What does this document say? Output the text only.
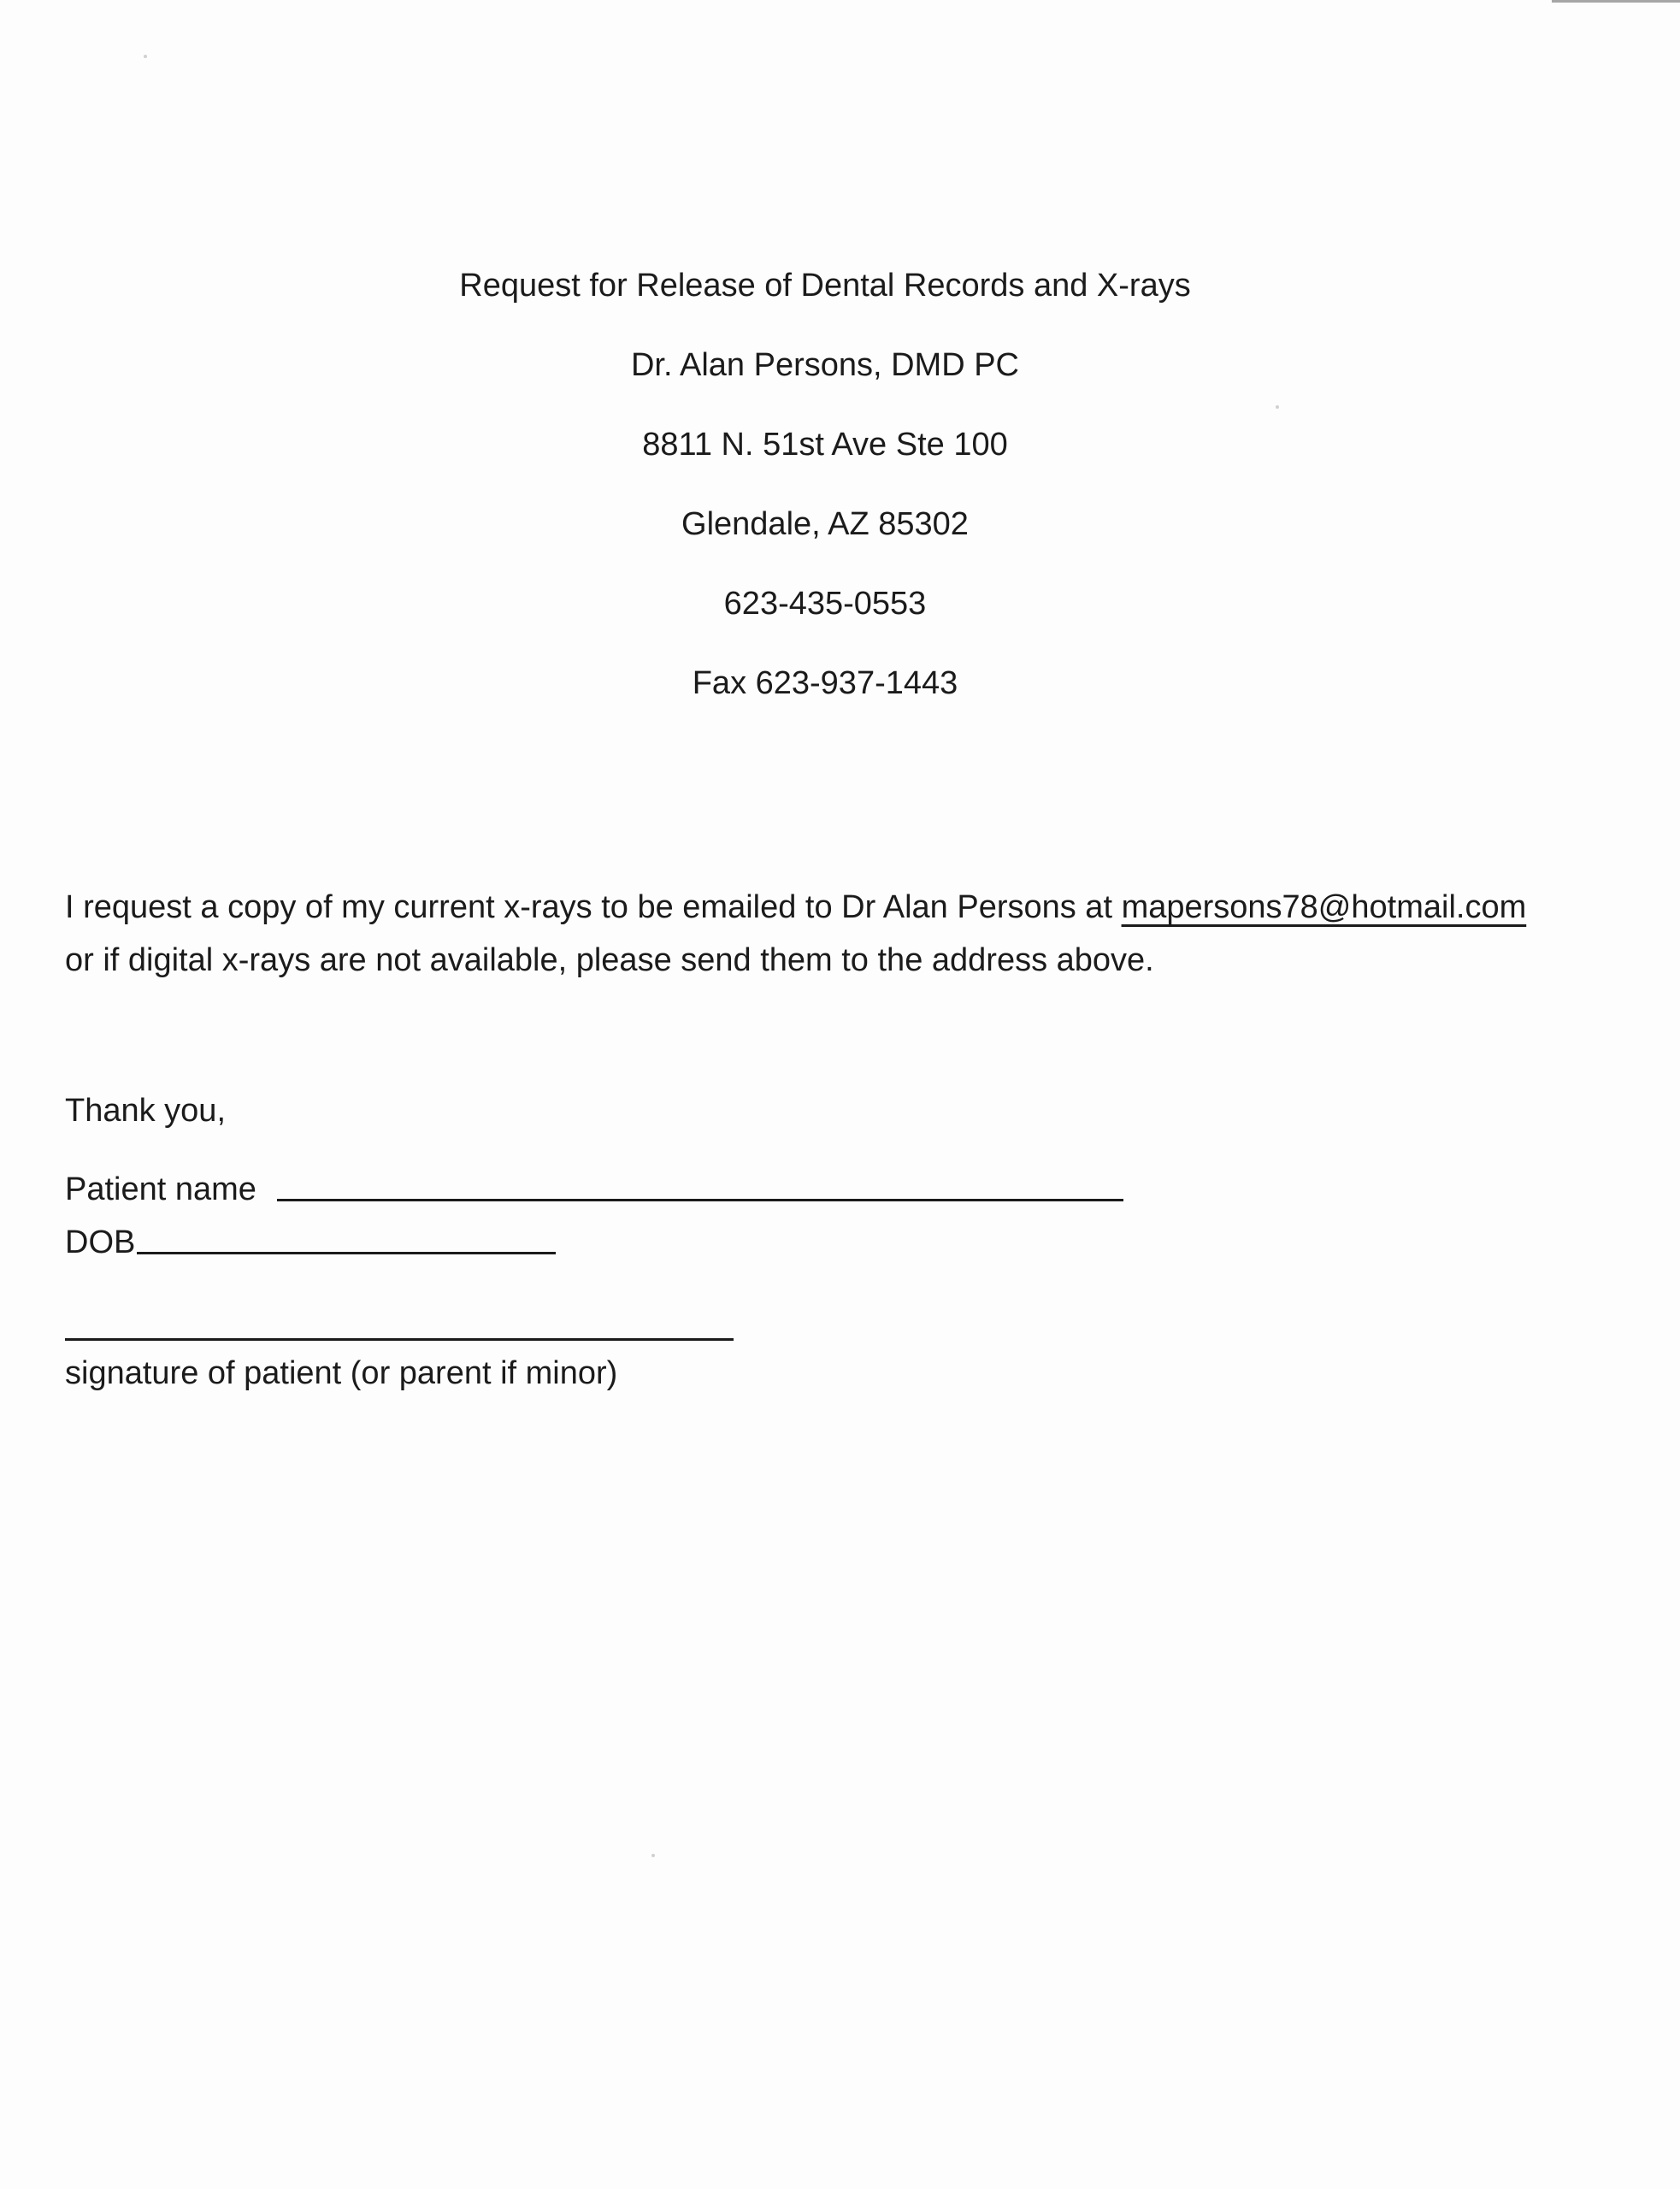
Request for Release of Dental Records and X-rays
Dr. Alan Persons, DMD PC
8811 N. 51st Ave Ste 100
Glendale, AZ 85302
623-435-0553
Fax 623-937-1443
I request a copy of my current x-rays to be emailed to Dr Alan Persons at mapersons78@hotmail.com
or if digital x-rays are not available, please send them to the address above.
Thank you,
Patient name
DOB
signature of patient (or parent if minor)
